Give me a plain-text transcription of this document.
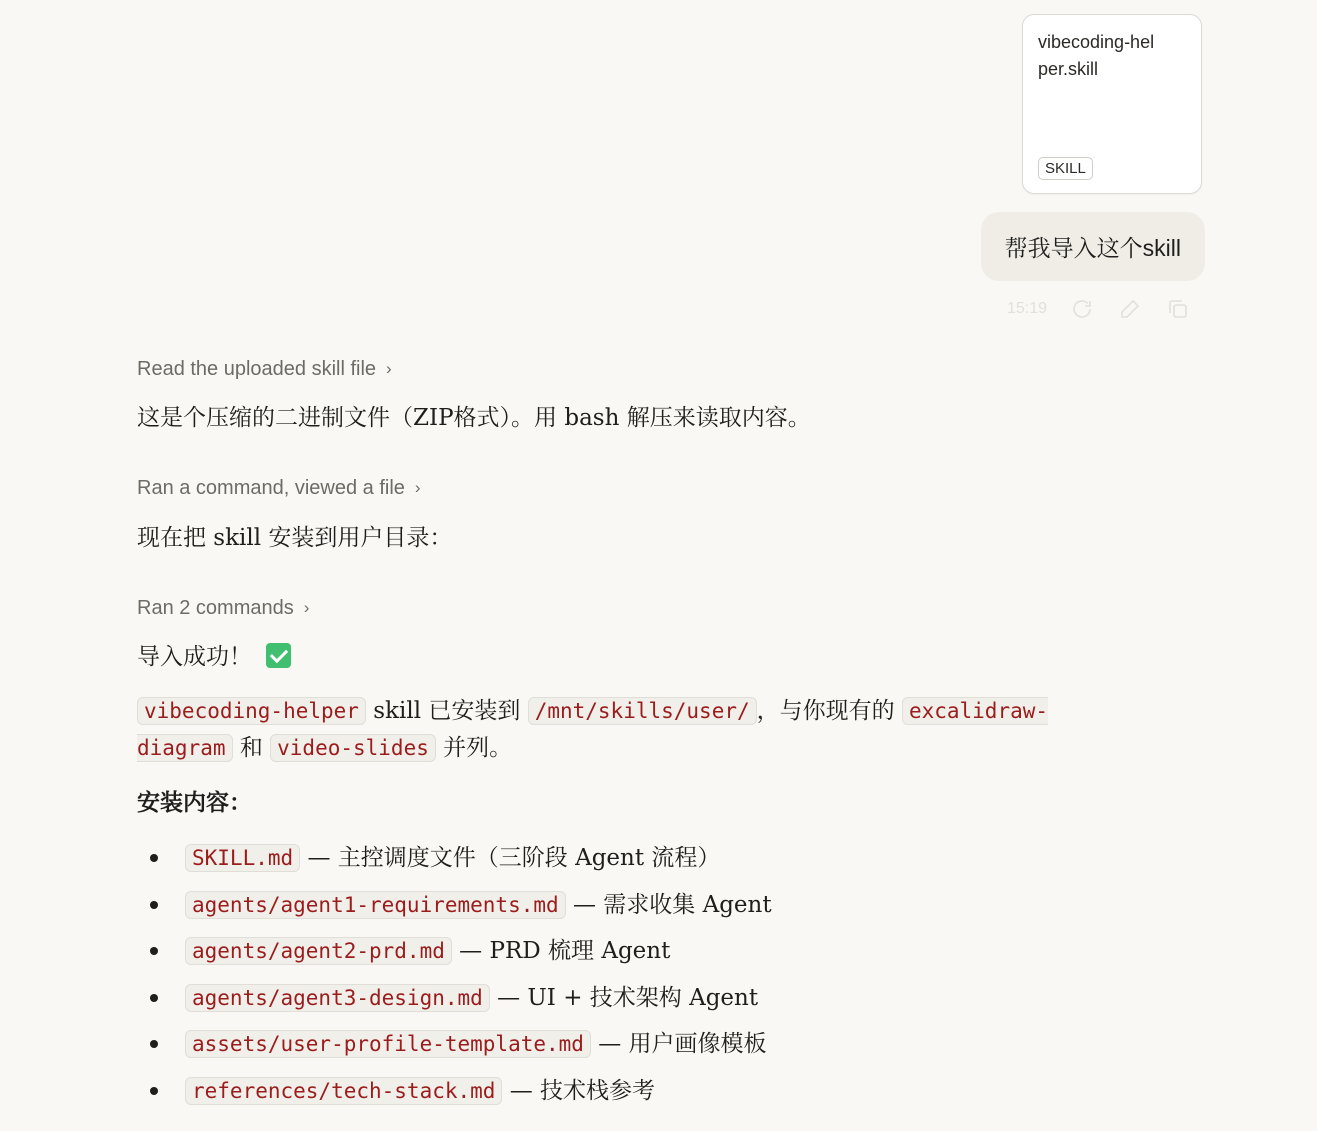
vibecoding-helper.skill
SKILL
帮我导入这个skill
15:19
Read the uploaded skill file ›
这是个压缩的二进制文件（ZIP格式）。用 bash 解压来读取内容。
Ran a command, viewed a file ›
现在把 skill 安装到用户目录：
Ran 2 commands ›
导入成功！
vibecoding-helper skill 已安装到 /mnt/skills/user/ ，与你现有的 excalidraw-diagram 和 video-slides 并列。
安装内容：
SKILL.md — 主控调度文件（三阶段 Agent 流程）
agents/agent1-requirements.md — 需求收集 Agent
agents/agent2-prd.md — PRD 梳理 Agent
agents/agent3-design.md — UI + 技术架构 Agent
assets/user-profile-template.md — 用户画像模板
references/tech-stack.md — 技术栈参考
